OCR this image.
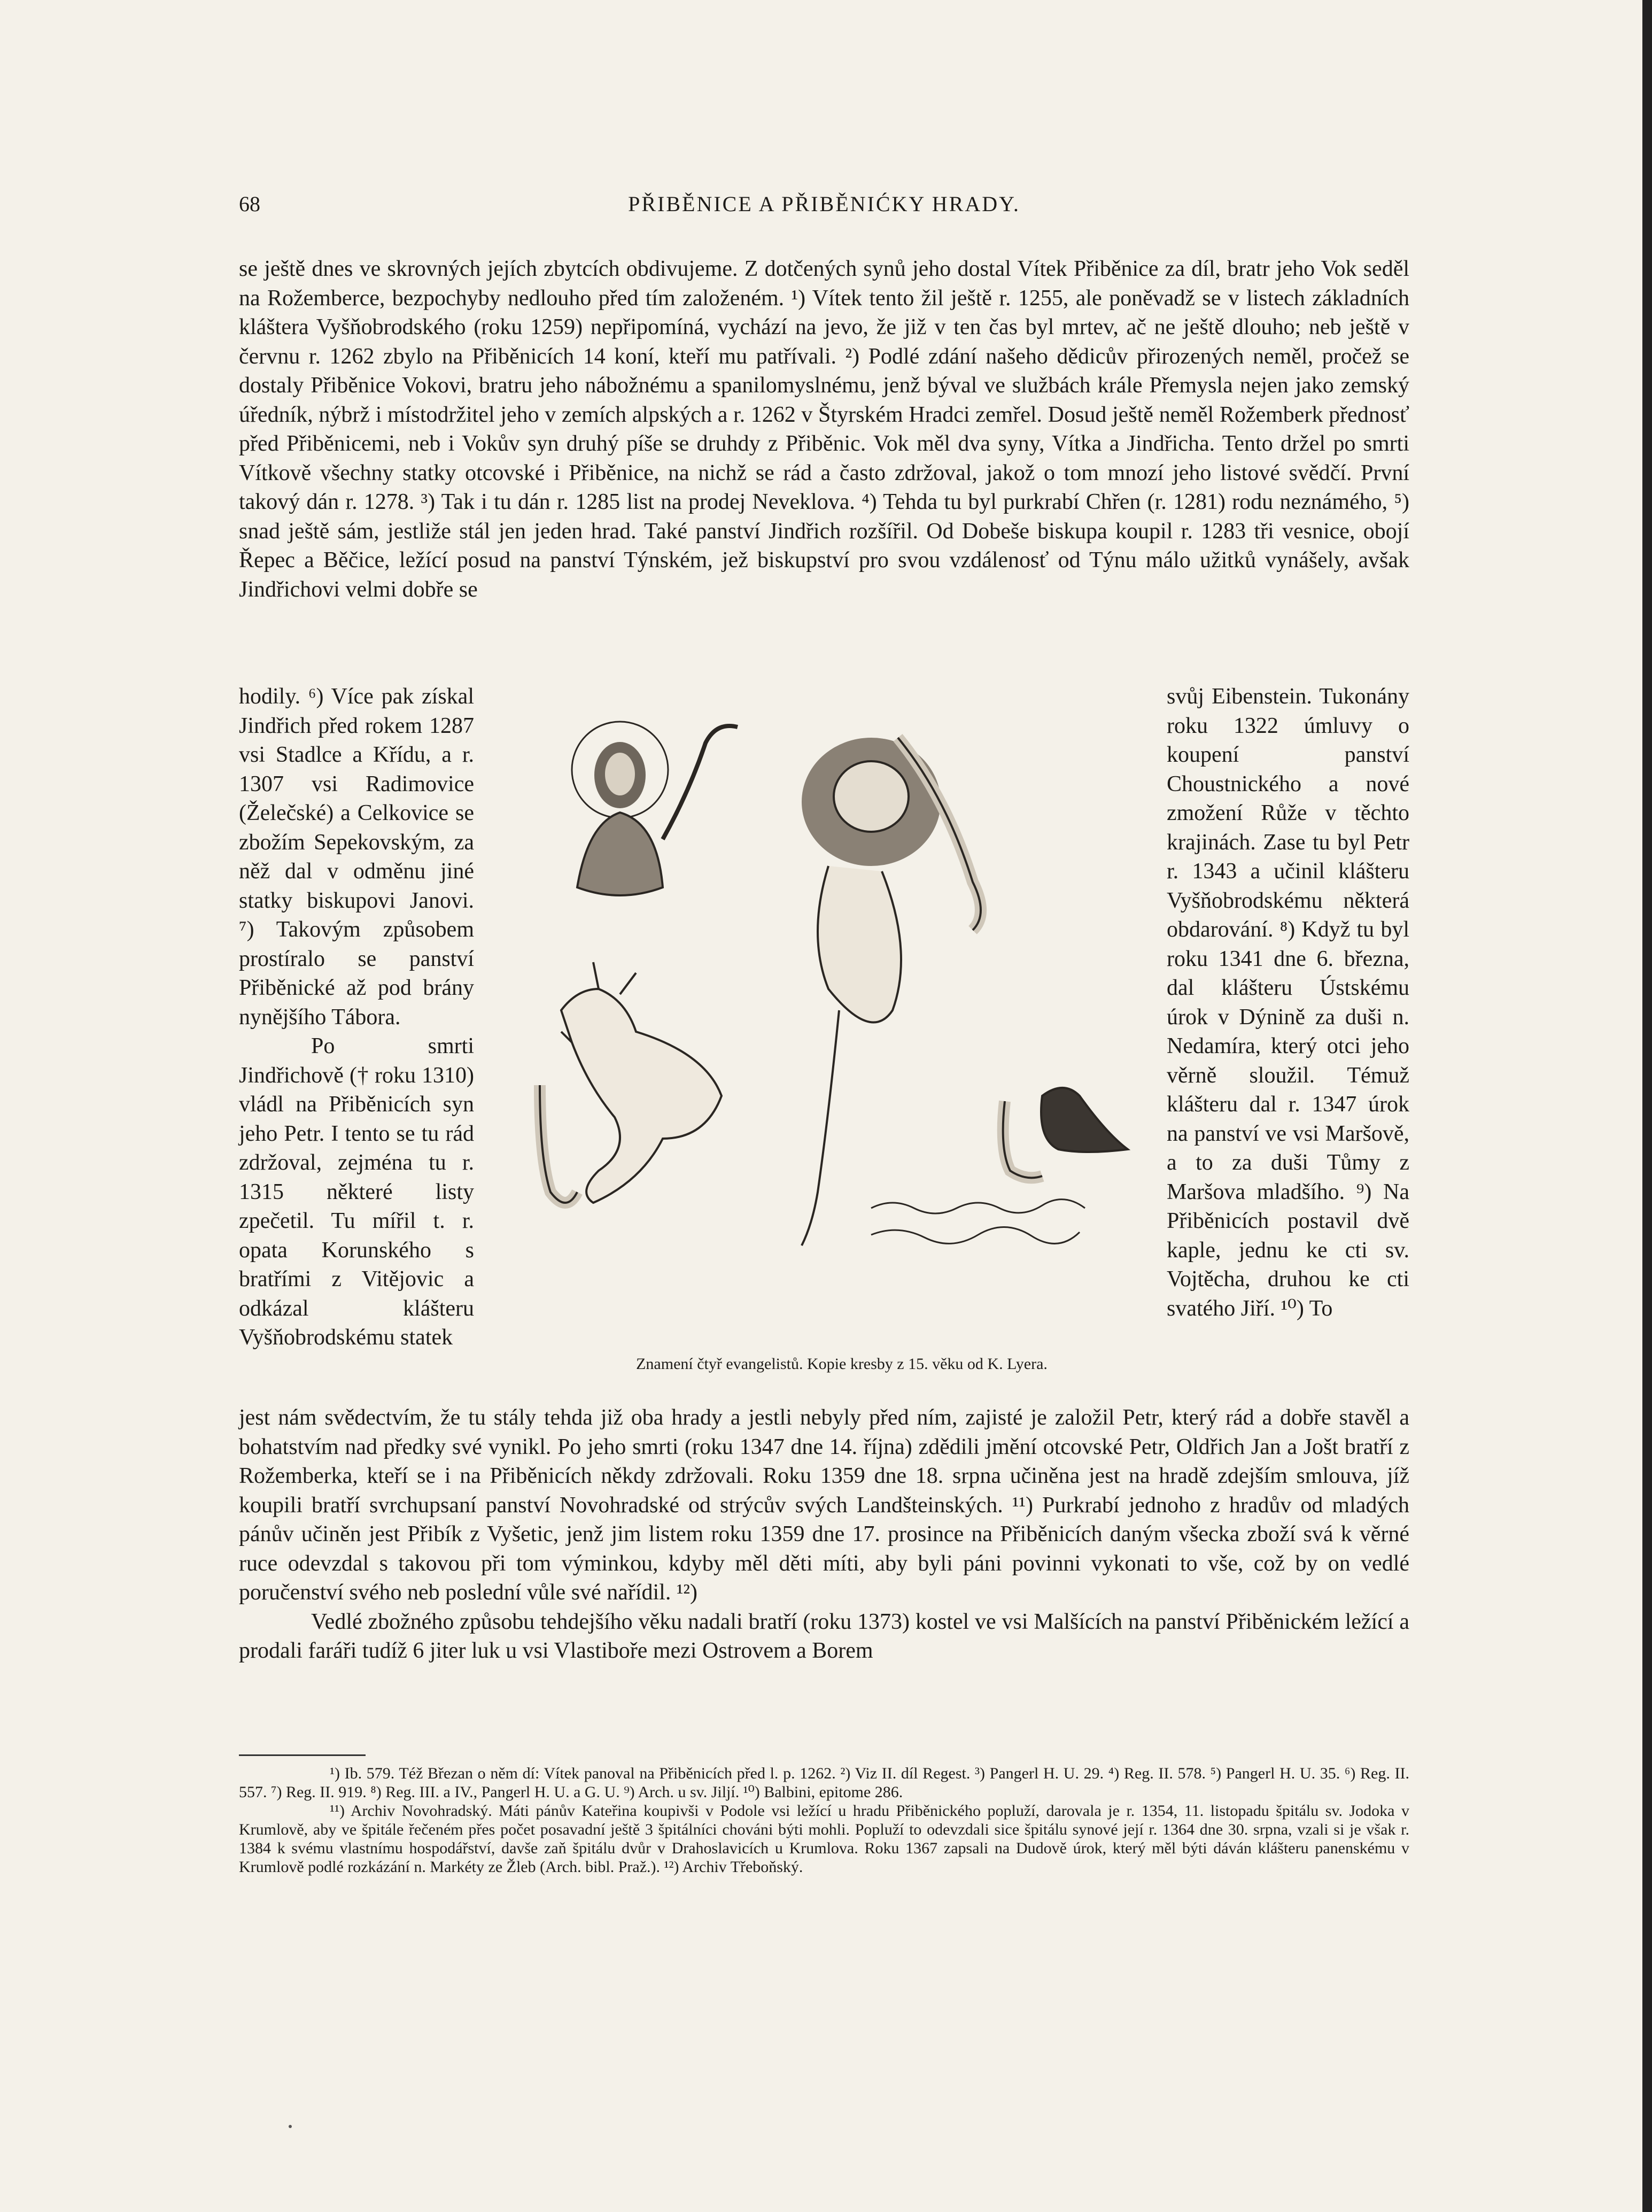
PŘIBĚNICE A PŘIBĚNIĆKY HRADY.
68

se ještě dnes ve skrovných jejích zbytcích obdivujeme. Z dotčených synů jeho dostal Vítek Přiběnice za díl, bratr jeho Vok seděl na Rožemberce, bezpochyby nedlouho před tím založeném. ¹) Vítek tento žil ještě r. 1255, ale poněvadž se v listech základních kláštera Vyšňobrodského (roku 1259) nepřipomíná, vychází na jevo, že již v ten čas byl mrtev, ač ne ještě dlouho; neb ještě v červnu r. 1262 zbylo na Přiběnicích 14 koní, kteří mu patřívali. ²) Podlé zdání našeho dědicův přirozených neměl, pročež se dostaly Přiběnice Vokovi, bratru jeho nábožnému a spanilomyslnému, jenž býval ve službách krále Přemysla nejen jako zemský úředník, nýbrž i místodržitel jeho v zemích alpských a r. 1262 v Štyrském Hradci zemřel. Dosud ještě neměl Rožemberk přednosť před Přiběnicemi, neb i Vokův syn druhý píše se druhdy z Přiběnic. Vok měl dva syny, Vítka a Jindřicha. Tento držel po smrti Vítkově všechny statky otcovské i Přiběnice, na nichž se rád a často zdržoval, jakož o tom mnozí jeho listové svědčí. První takový dán r. 1278. ³) Tak i tu dán r. 1285 list na prodej Neveklova. ⁴) Tehda tu byl purkrabí Chřen (r. 1281) rodu neznámého, ⁵) snad ještě sám, jestliže stál jen jeden hrad. Také panství Jindřich rozšířil. Od Dobeše biskupa koupil r. 1283 tři vesnice, obojí Řepec a Běčice, ležící posud na panství Týnském, jež biskupství pro svou vzdálenosť od Týnu málo užitků vynášely, avšak Jindřichovi velmi dobře se

hodily. ⁶) Více pak získal Jindřich před rokem 1287 vsi Stadlce a Křídu, a r. 1307 vsi Radimovice (Želečské) a Celkovice se zbožím Sepekovským, za něž dal v odměnu jiné statky biskupovi Janovi. ⁷) Takovým způsobem prostíralo se panství Přiběnické až pod brány nynějšího Tábora.

Po smrti Jindřichově († roku 1310) vládl na Přiběnicích syn jeho Petr. I tento se tu rád zdržoval, zejména tu r. 1315 některé listy zpečetil. Tu mířil t. r. opata Korunského s bratřími z Vitějovic a odkázal klášteru Vyšňobrodskému statek

svůj Eibenstein. Tukonány roku 1322 úmluvy o koupení panství Choustnického a nové zmožení Růže v těchto krajinách. Zase tu byl Petr r. 1343 a učinil klášteru Vyšňobrodskému některá obdarování. ⁸) Když tu byl roku 1341 dne 6. března, dal klášteru Ústskému úrok v Dýnině za duši n. Nedamíra, který otci jeho věrně sloužil. Témuž klášteru dal r. 1347 úrok na panství ve vsi Maršově, a to za duši Tůmy z Maršova mladšího. ⁹) Na Přiběnicích postavil dvě kaple, jednu ke cti sv. Vojtěcha, druhou ke cti svatého Jiří. ¹⁰) To

Znamení čtyř evangelistů. Kopie kresby z 15. věku od K. Lyera.

jest nám svědectvím, že tu stály tehda již oba hrady a jestli nebyly před ním, zajisté je založil Petr, který rád a dobře stavěl a bohatstvím nad předky své vynikl. Po jeho smrti (roku 1347 dne 14. října) zdědili jmění otcovské Petr, Oldřich Jan a Jošt bratří z Rožemberka, kteří se i na Přiběnicích někdy zdržovali. Roku 1359 dne 18. srpna učiněna jest na hradě zdejším smlouva, jíž koupili bratří svrchupsaní panství Novohradské od strýcův svých Landšteinských. ¹¹) Purkrabí jednoho z hradův od mladých pánův učiněn jest Přibík z Vyšetic, jenž jim listem roku 1359 dne 17. prosince na Přiběnicích daným všecka zboží svá k věrné ruce odevzdal s takovou při tom výminkou, kdyby měl děti míti, aby byli páni povinni vykonati to vše, což by on vedlé poručenství svého neb poslední vůle své nařídil. ¹²)

Vedlé zbožného způsobu tehdejšího věku nadali bratří (roku 1373) kostel ve vsi Malšících na panství Přiběnickém ležící a prodali faráři tudíž 6 jiter luk u vsi Vlastiboře mezi Ostrovem a Borem

¹) Ib. 579. Též Březan o něm dí: Vítek panoval na Přiběnicích před l. p. 1262. ²) Viz II. díl Regest. ³) Pangerl H. U. 29. ⁴) Reg. II. 578. ⁵) Pangerl H. U. 35. ⁶) Reg. II. 557. ⁷) Reg. II. 919. ⁸) Reg. III. a IV., Pangerl H. U. a G. U. ⁹) Arch. u sv. Jiljí. ¹⁰) Balbini, epitome 286.

¹¹) Archiv Novohradský. Máti pánův Kateřina koupivši v Podole vsi ležící u hradu Přiběnického popluží, darovala je r. 1354, 11. listopadu špitálu sv. Jodoka v Krumlově, aby ve špitále řečeném přes počet posavadní ještě 3 špitálníci chováni býti mohli. Popluží to odevzdali sice špitálu synové její r. 1364 dne 30. srpna, vzali si je však r. 1384 k svému vlastnímu hospodářství, davše zaň špitálu dvůr v Drahoslavicích u Krumlova. Roku 1367 zapsali na Dudově úrok, který měl býti dáván klášteru panenskému v Krumlově podlé rozkázání n. Markéty ze Žleb (Arch. bibl. Praž.). ¹²) Archiv Třeboňský.
